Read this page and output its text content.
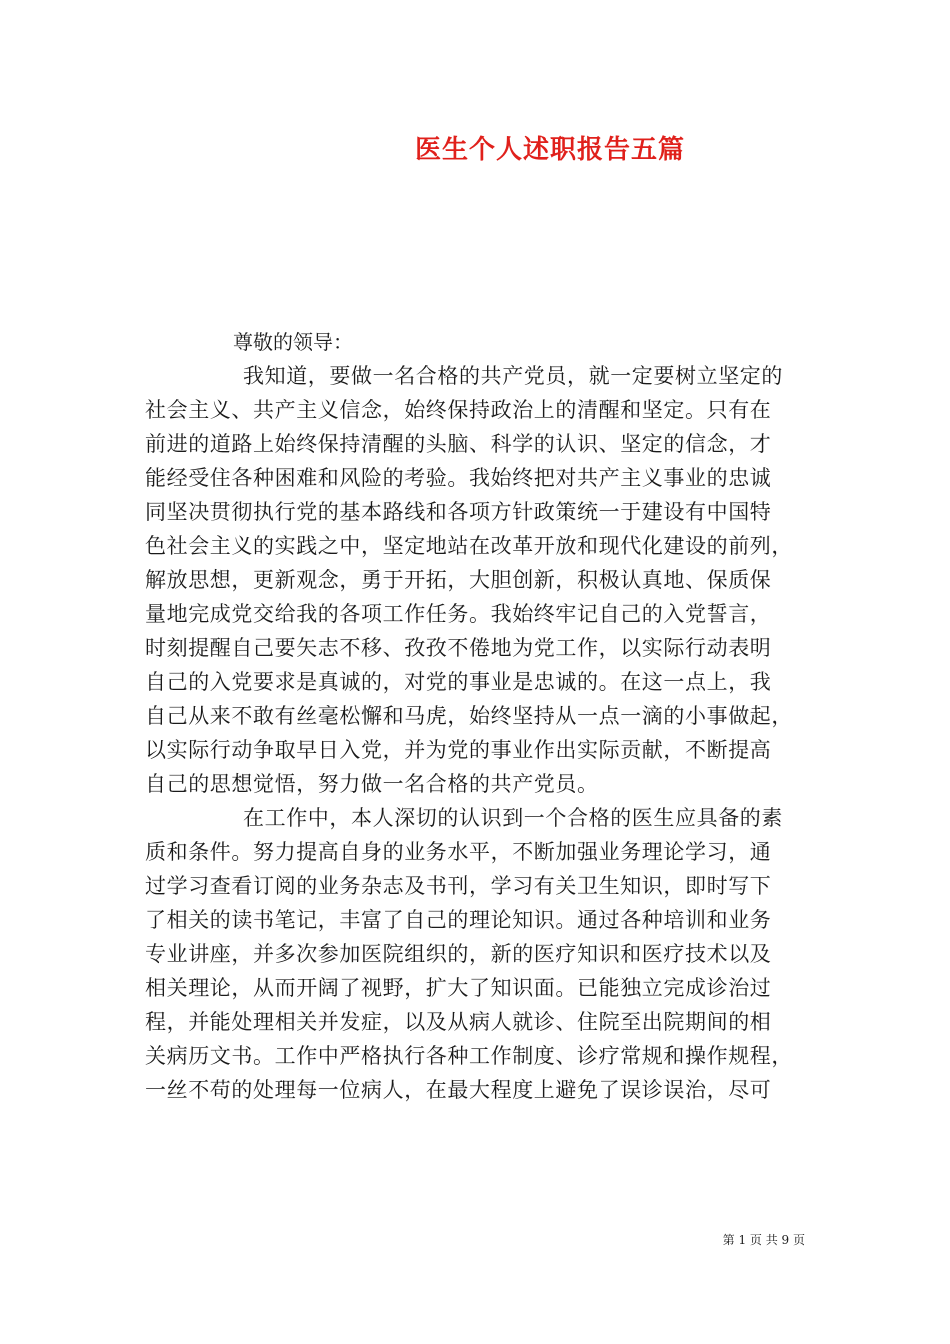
医生个人述职报告五篇

尊敬的领导：

我知道，要做一名合格的共产党员，就一定要树立坚定的
社会主义、共产主义信念，始终保持政治上的清醒和坚定。只有在
前进的道路上始终保持清醒的头脑、科学的认识、坚定的信念，才
能经受住各种困难和风险的考验。我始终把对共产主义事业的忠诚
同坚决贯彻执行党的基本路线和各项方针政策统一于建设有中国特
色社会主义的实践之中，坚定地站在改革开放和现代化建设的前列，
解放思想，更新观念，勇于开拓，大胆创新，积极认真地、保质保
量地完成党交给我的各项工作任务。我始终牢记自己的入党誓言，
时刻提醒自己要矢志不移、孜孜不倦地为党工作，以实际行动表明
自己的入党要求是真诚的，对党的事业是忠诚的。在这一点上，我
自己从来不敢有丝毫松懈和马虎，始终坚持从一点一滴的小事做起，
以实际行动争取早日入党，并为党的事业作出实际贡献，不断提高
自己的思想觉悟，努力做一名合格的共产党员。
在工作中，本人深切的认识到一个合格的医生应具备的素
质和条件。努力提高自身的业务水平，不断加强业务理论学习，通
过学习查看订阅的业务杂志及书刊，学习有关卫生知识，即时写下
了相关的读书笔记，丰富了自己的理论知识。通过各种培训和业务
专业讲座，并多次参加医院组织的，新的医疗知识和医疗技术以及
相关理论，从而开阔了视野，扩大了知识面。已能独立完成诊治过
程，并能处理相关并发症，以及从病人就诊、住院至出院期间的相
关病历文书。工作中严格执行各种工作制度、诊疗常规和操作规程，
一丝不苟的处理每一位病人，在最大程度上避免了误诊误治，尽可
第 1 页 共 9 页
